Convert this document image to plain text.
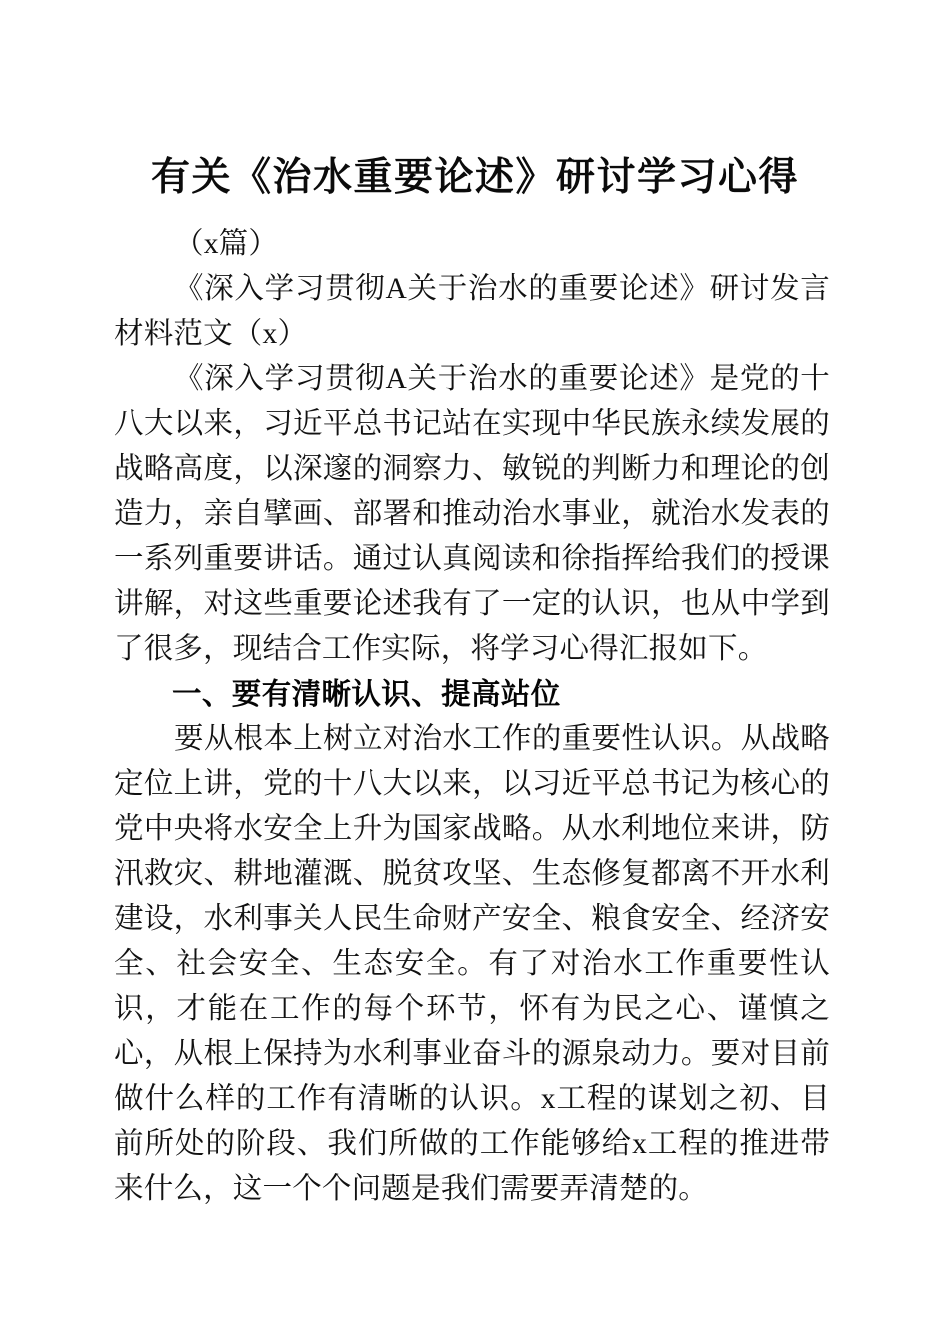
有关《治水重要论述》研讨学习心得

（x篇）

《深入学习贯彻A关于治水的重要论述》研讨发言材料范文（x）

《深入学习贯彻A关于治水的重要论述》是党的十八大以来，习近平总书记站在实现中华民族永续发展的战略高度，以深邃的洞察力、敏锐的判断力和理论的创造力，亲自擘画、部署和推动治水事业，就治水发表的一系列重要讲话。通过认真阅读和徐指挥给我们的授课讲解，对这些重要论述我有了一定的认识，也从中学到了很多，现结合工作实际，将学习心得汇报如下。

一、要有清晰认识、提高站位

要从根本上树立对治水工作的重要性认识。从战略定位上讲，党的十八大以来，以习近平总书记为核心的党中央将水安全上升为国家战略。从水利地位来讲，防汛救灾、耕地灌溉、脱贫攻坚、生态修复都离不开水利建设，水利事关人民生命财产安全、粮食安全、经济安全、社会安全、生态安全。有了对治水工作重要性认识，才能在工作的每个环节，怀有为民之心、谨慎之心，从根上保持为水利事业奋斗的源泉动力。要对目前做什么样的工作有清晰的认识。x工程的谋划之初、目前所处的阶段、我们所做的工作能够给x工程的推进带来什么，这一个个问题是我们需要弄清楚的。
